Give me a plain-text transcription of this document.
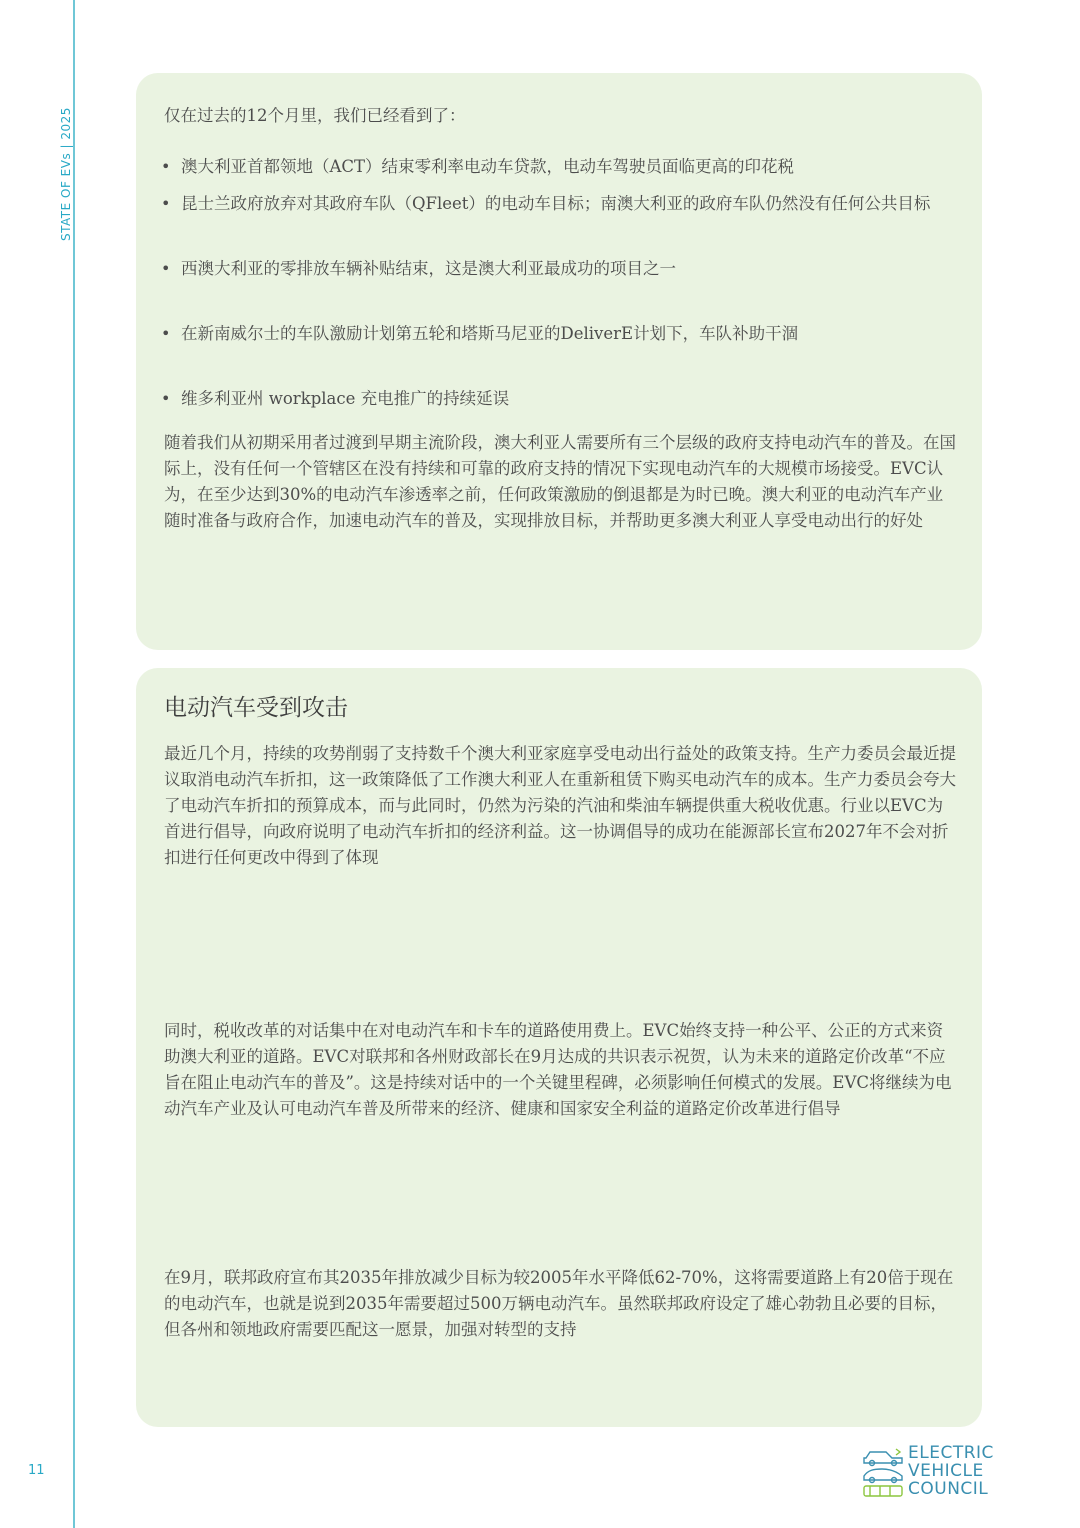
STATE OF EVs | 2025
11

仅在过去的12个月里，我们已经看到了：

• 澳大利亚首都领地（ACT）结束零利率电动车贷款，电动车驾驶员面临更高的印花税
• 昆士兰政府放弃对其政府车队（QFleet）的电动车目标；南澳大利亚的政府车队仍然没有任何公共目标
• 西澳大利亚的零排放车辆补贴结束，这是澳大利亚最成功的项目之一
• 在新南威尔士的车队激励计划第五轮和塔斯马尼亚的DeliverE计划下，车队补助干涸
• 维多利亚州 workplace 充电推广的持续延误

随着我们从初期采用者过渡到早期主流阶段，澳大利亚人需要所有三个层级的政府支持电动汽车的普及。在国际上，没有任何一个管辖区在没有持续和可靠的政府支持的情况下实现电动汽车的大规模市场接受。EVC认为，在至少达到30%的电动汽车渗透率之前，任何政策激励的倒退都是为时已晚。澳大利亚的电动汽车产业随时准备与政府合作，加速电动汽车的普及，实现排放目标，并帮助更多澳大利亚人享受电动出行的好处

电动汽车受到攻击

最近几个月，持续的攻势削弱了支持数千个澳大利亚家庭享受电动出行益处的政策支持。生产力委员会最近提议取消电动汽车折扣，这一政策降低了工作澳大利亚人在重新租赁下购买电动汽车的成本。生产力委员会夸大了电动汽车折扣的预算成本，而与此同时，仍然为污染的汽油和柴油车辆提供重大税收优惠。行业以EVC为首进行倡导，向政府说明了电动汽车折扣的经济利益。这一协调倡导的成功在能源部长宣布2027年不会对折扣进行任何更改中得到了体现

同时，税收改革的对话集中在对电动汽车和卡车的道路使用费上。EVC始终支持一种公平、公正的方式来资助澳大利亚的道路。EVC对联邦和各州财政部长在9月达成的共识表示祝贺，认为未来的道路定价改革“不应旨在阻止电动汽车的普及”。这是持续对话中的一个关键里程碑，必须影响任何模式的发展。EVC将继续为电动汽车产业及认可电动汽车普及所带来的经济、健康和国家安全利益的道路定价改革进行倡导

在9月，联邦政府宣布其2035年排放减少目标为较2005年水平降低62-70%，这将需要道路上有20倍于现在的电动汽车，也就是说到2035年需要超过500万辆电动汽车。虽然联邦政府设定了雄心勃勃且必要的目标，但各州和领地政府需要匹配这一愿景，加强对转型的支持

ELECTRIC
VEHICLE
COUNCIL
